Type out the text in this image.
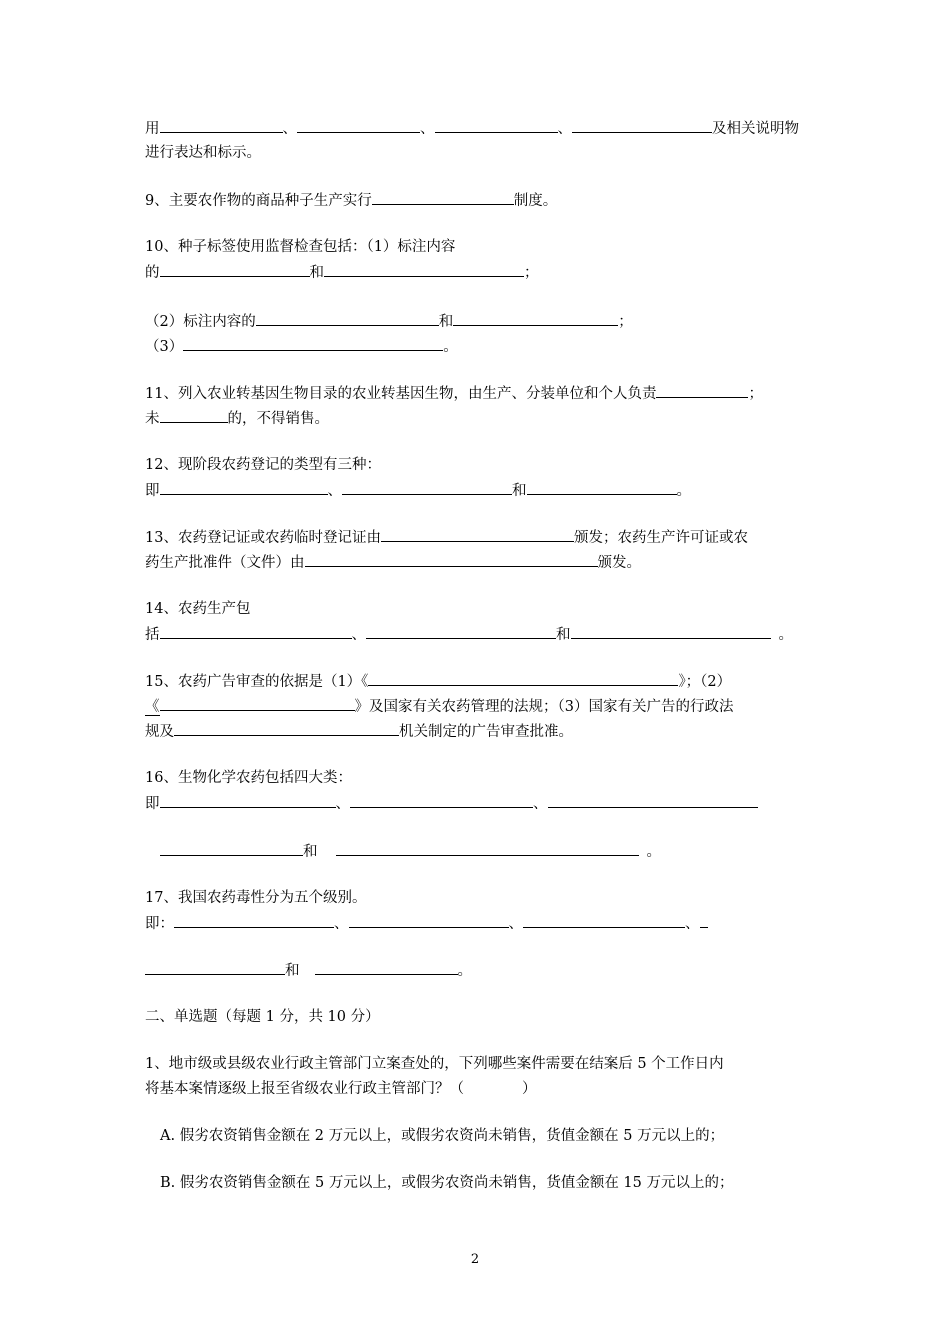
用	、	、	、	及相关说明物
进行表达和标示。
9、主要农作物的商品种子生产实行	制度。
10、种子标签使用监督检查包括：（1）标注内容
的	和	；
（2）标注内容的	和	；
（3）	。
11、列入农业转基因生物目录的农业转基因生物，由生产、分装单位和个人负责	；
未	的，不得销售。
12、现阶段农药登记的类型有三种：
即	、	和	。
13、农药登记证或农药临时登记证由	颁发；农药生产许可证或农
药生产批准件（文件）由	颁发。
14、农药生产包
括	、	和	。
15、农药广告审查的依据是（1）《	》；（2）
《	》及国家有关农药管理的法规；（3）国家有关广告的行政法
规及	机关制定的广告审查批准。
16、生物化学农药包括四大类：
即	、	、
和	。
17、我国农药毒性分为五个级别。
即：	、	、	、
和	。
二、单选题（每题 1 分，共 10 分）
1、地市级或县级农业行政主管部门立案查处的，下列哪些案件需要在结案后 5 个工作日内
将基本案情逐级上报至省级农业行政主管部门？（　　　　）
A. 假劣农资销售金额在 2 万元以上，或假劣农资尚未销售，货值金额在 5 万元以上的；
B. 假劣农资销售金额在 5 万元以上，或假劣农资尚未销售，货值金额在 15 万元以上的；
2
